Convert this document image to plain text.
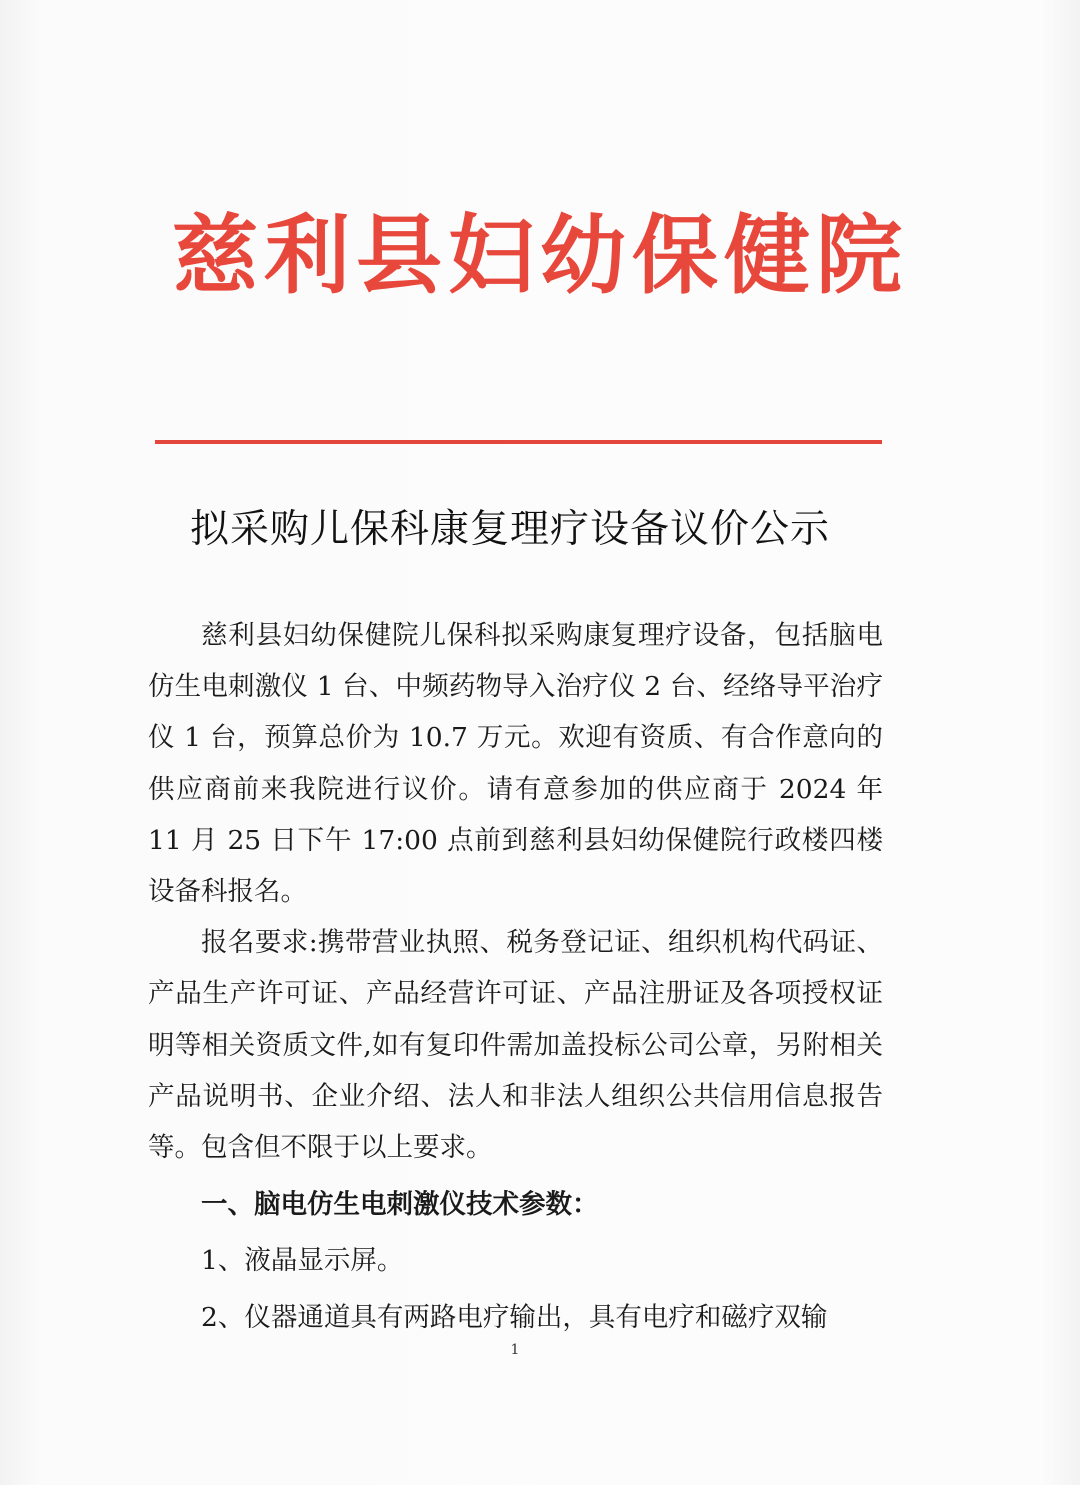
慈利县妇幼保健院
拟采购儿保科康复理疗设备议价公示

慈利县妇幼保健院儿保科拟采购康复理疗设备，包括脑电仿生电刺激仪 1 台、中频药物导入治疗仪 2 台、经络导平治疗仪 1 台，预算总价为 10.7 万元。欢迎有资质、有合作意向的供应商前来我院进行议价。请有意参加的供应商于 2024 年 11 月 25 日下午 17:00 点前到慈利县妇幼保健院行政楼四楼设备科报名。

报名要求:携带营业执照、税务登记证、组织机构代码证、产品生产许可证、产品经营许可证、产品注册证及各项授权证明等相关资质文件,如有复印件需加盖投标公司公章，另附相关产品说明书、企业介绍、法人和非法人组织公共信用信息报告等。包含但不限于以上要求。

一、脑电仿生电刺激仪技术参数：

1、液晶显示屏。

2、仪器通道具有两路电疗输出，具有电疗和磁疗双输

1
